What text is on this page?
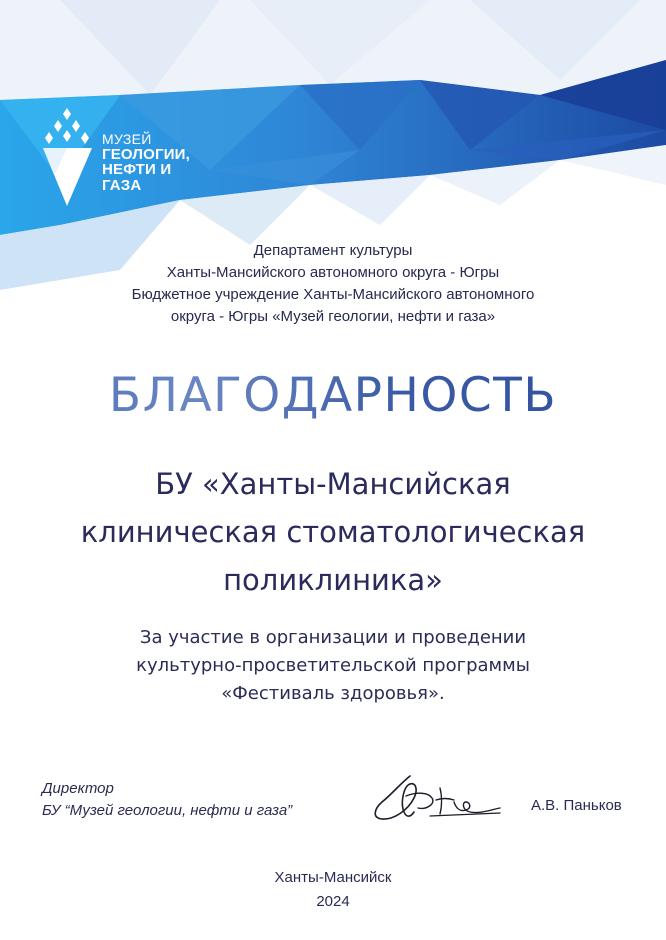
МУЗЕЙ
ГЕОЛОГИИ,
НЕФТИ И ГАЗА
Департамент культуры
Ханты-Мансийского автономного округа - Югры
Бюджетное учреждение Ханты-Мансийского автономного
округа - Югры «Музей геологии, нефти и газа»
БЛАГОДАРНОСТЬ
БУ «Ханты-Мансийская
клиническая стоматологическая
поликлиника»
За участие в организации и проведении
культурно-просветительской программы
«Фестиваль здоровья».
Директор
БУ “Музей геологии, нефти и газа”	А.В. Паньков
Ханты-Мансийск
2024
